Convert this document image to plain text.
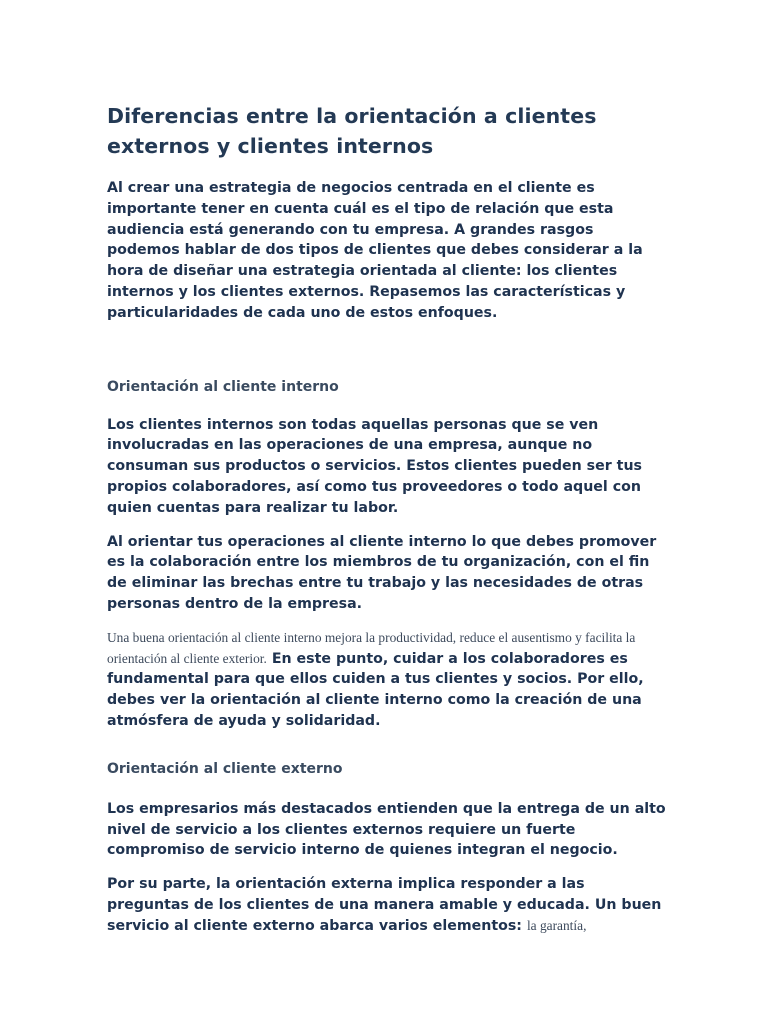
Diferencias entre la orientación a clientes externos y clientes internos

Al crear una estrategia de negocios centrada en el cliente es importante tener en cuenta cuál es el tipo de relación que esta audiencia está generando con tu empresa. A grandes rasgos podemos hablar de dos tipos de clientes que debes considerar a la hora de diseñar una estrategia orientada al cliente: los clientes internos y los clientes externos. Repasemos las características y particularidades de cada uno de estos enfoques.

Orientación al cliente interno

Los clientes internos son todas aquellas personas que se ven involucradas en las operaciones de una empresa, aunque no consuman sus productos o servicios. Estos clientes pueden ser tus propios colaboradores, así como tus proveedores o todo aquel con quien cuentas para realizar tu labor.

Al orientar tus operaciones al cliente interno lo que debes promover es la colaboración entre los miembros de tu organización, con el fin de eliminar las brechas entre tu trabajo y las necesidades de otras personas dentro de la empresa.

Una buena orientación al cliente interno mejora la productividad, reduce el ausentismo y facilita la orientación al cliente exterior. En este punto, cuidar a los colaboradores es fundamental para que ellos cuiden a tus clientes y socios. Por ello, debes ver la orientación al cliente interno como la creación de una atmósfera de ayuda y solidaridad.

Orientación al cliente externo

Los empresarios más destacados entienden que la entrega de un alto nivel de servicio a los clientes externos requiere un fuerte compromiso de servicio interno de quienes integran el negocio.

Por su parte, la orientación externa implica responder a las preguntas de los clientes de una manera amable y educada. Un buen servicio al cliente externo abarca varios elementos: la garantía,
